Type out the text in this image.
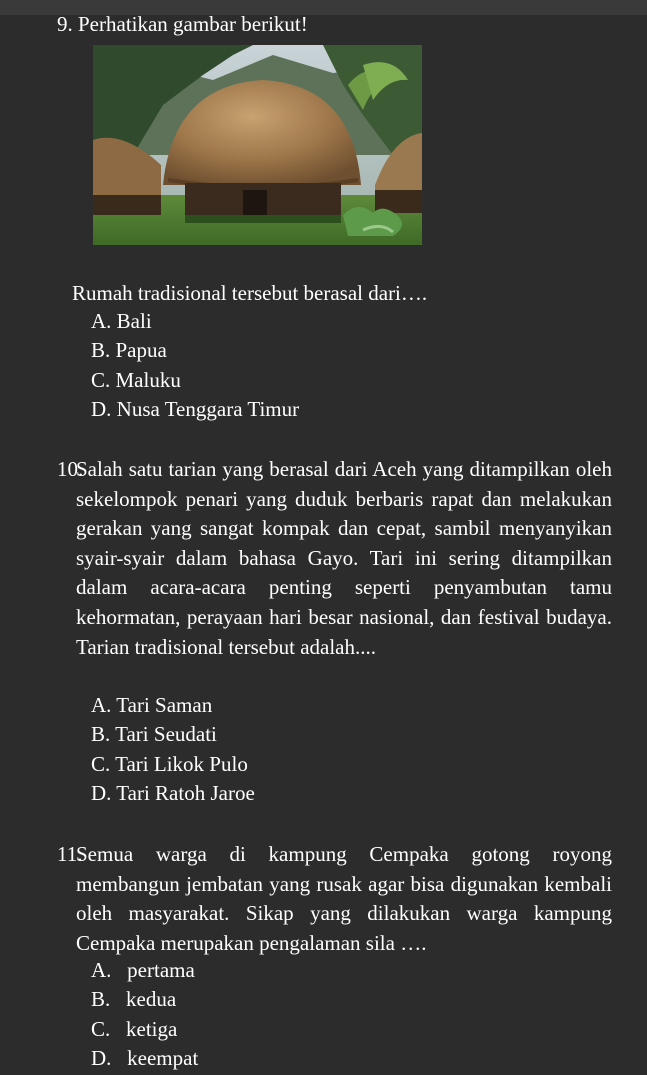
9. Perhatikan gambar berikut!
Rumah tradisional tersebut berasal dari….
A. Bali
B. Papua
C. Maluku
D. Nusa Tenggara Timur
10.
Salah satu tarian yang berasal dari Aceh yang ditampilkan oleh sekelompok penari yang duduk berbaris rapat dan melakukan gerakan yang sangat kompak dan cepat, sambil menyanyikan syair-syair dalam bahasa Gayo. Tari ini sering ditampilkan dalam acara-acara penting seperti penyambutan tamu kehormatan, perayaan hari besar nasional, dan festival budaya. Tarian tradisional tersebut adalah....
A. Tari Saman
B. Tari Seudati
C. Tari Likok Pulo
D. Tari Ratoh Jaroe
11.
Semua warga di kampung Cempaka gotong royong membangun jembatan yang rusak agar bisa digunakan kembali oleh masyarakat. Sikap yang dilakukan warga kampung Cempaka merupakan pengalaman sila ….
A.   pertama
B.   kedua
C.   ketiga
D.   keempat
